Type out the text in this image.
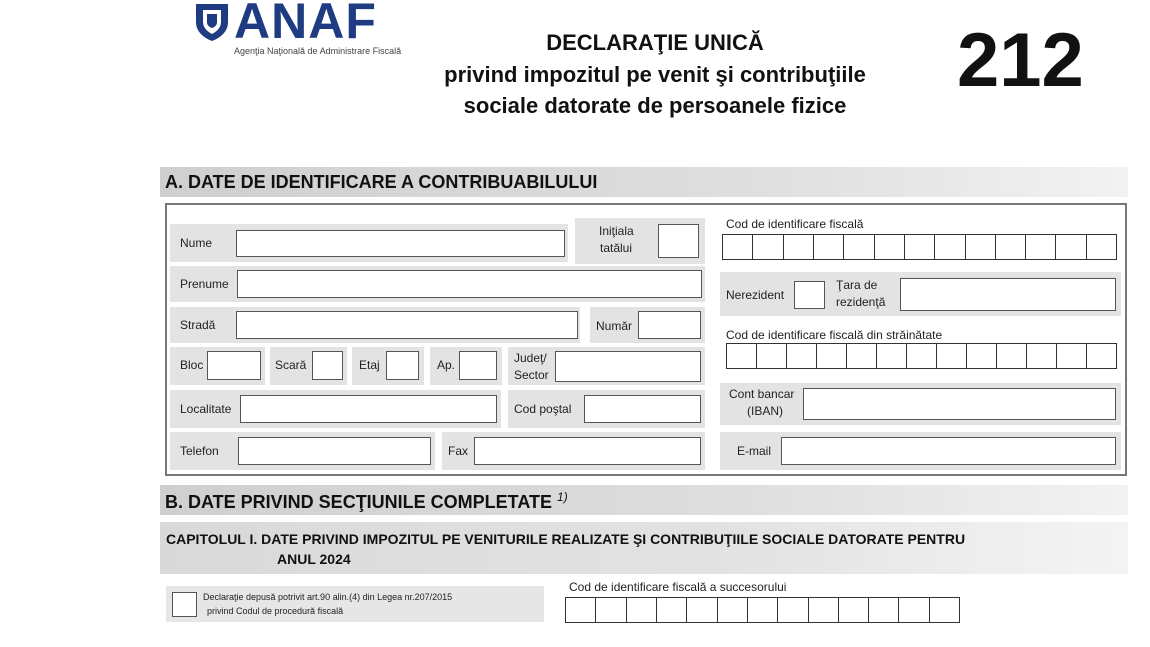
ANAF
Agenţia Naţională de Administrare Fiscală	DECLARAŢIE UNICĂ
privind impozitul pe venit şi contribuţiile
sociale datorate de persoanele fizice
212
A. DATE DE IDENTIFICARE A CONTRIBUABILULUI
Nume
Iniţiala
tatălui
Prenume
Stradă	Număr
Bloc	Scară	Etaj	Ap.	Judeţ/
Sector
Localitate	Cod poştal
Telefon	Fax
Cod de identificare fiscală
Nerezident
Ţara de
rezidenţă
Cod de identificare fiscală din străinătate
Cont bancar
(IBAN)
E-mail
B. DATE PRIVIND SECŢIUNILE COMPLETATE $^{1)}$
CAPITOLUL I. DATE PRIVIND IMPOZITUL PE VENITURILE REALIZATE ŞI CONTRIBUŢIILE SOCIALE DATORATE PENTRU
ANUL 2024
Declaraţie depusă potrivit art.90 alin.(4) din Legea nr.207/2015
privind Codul de procedură fiscală
Cod de identificare fiscală a succesorului
